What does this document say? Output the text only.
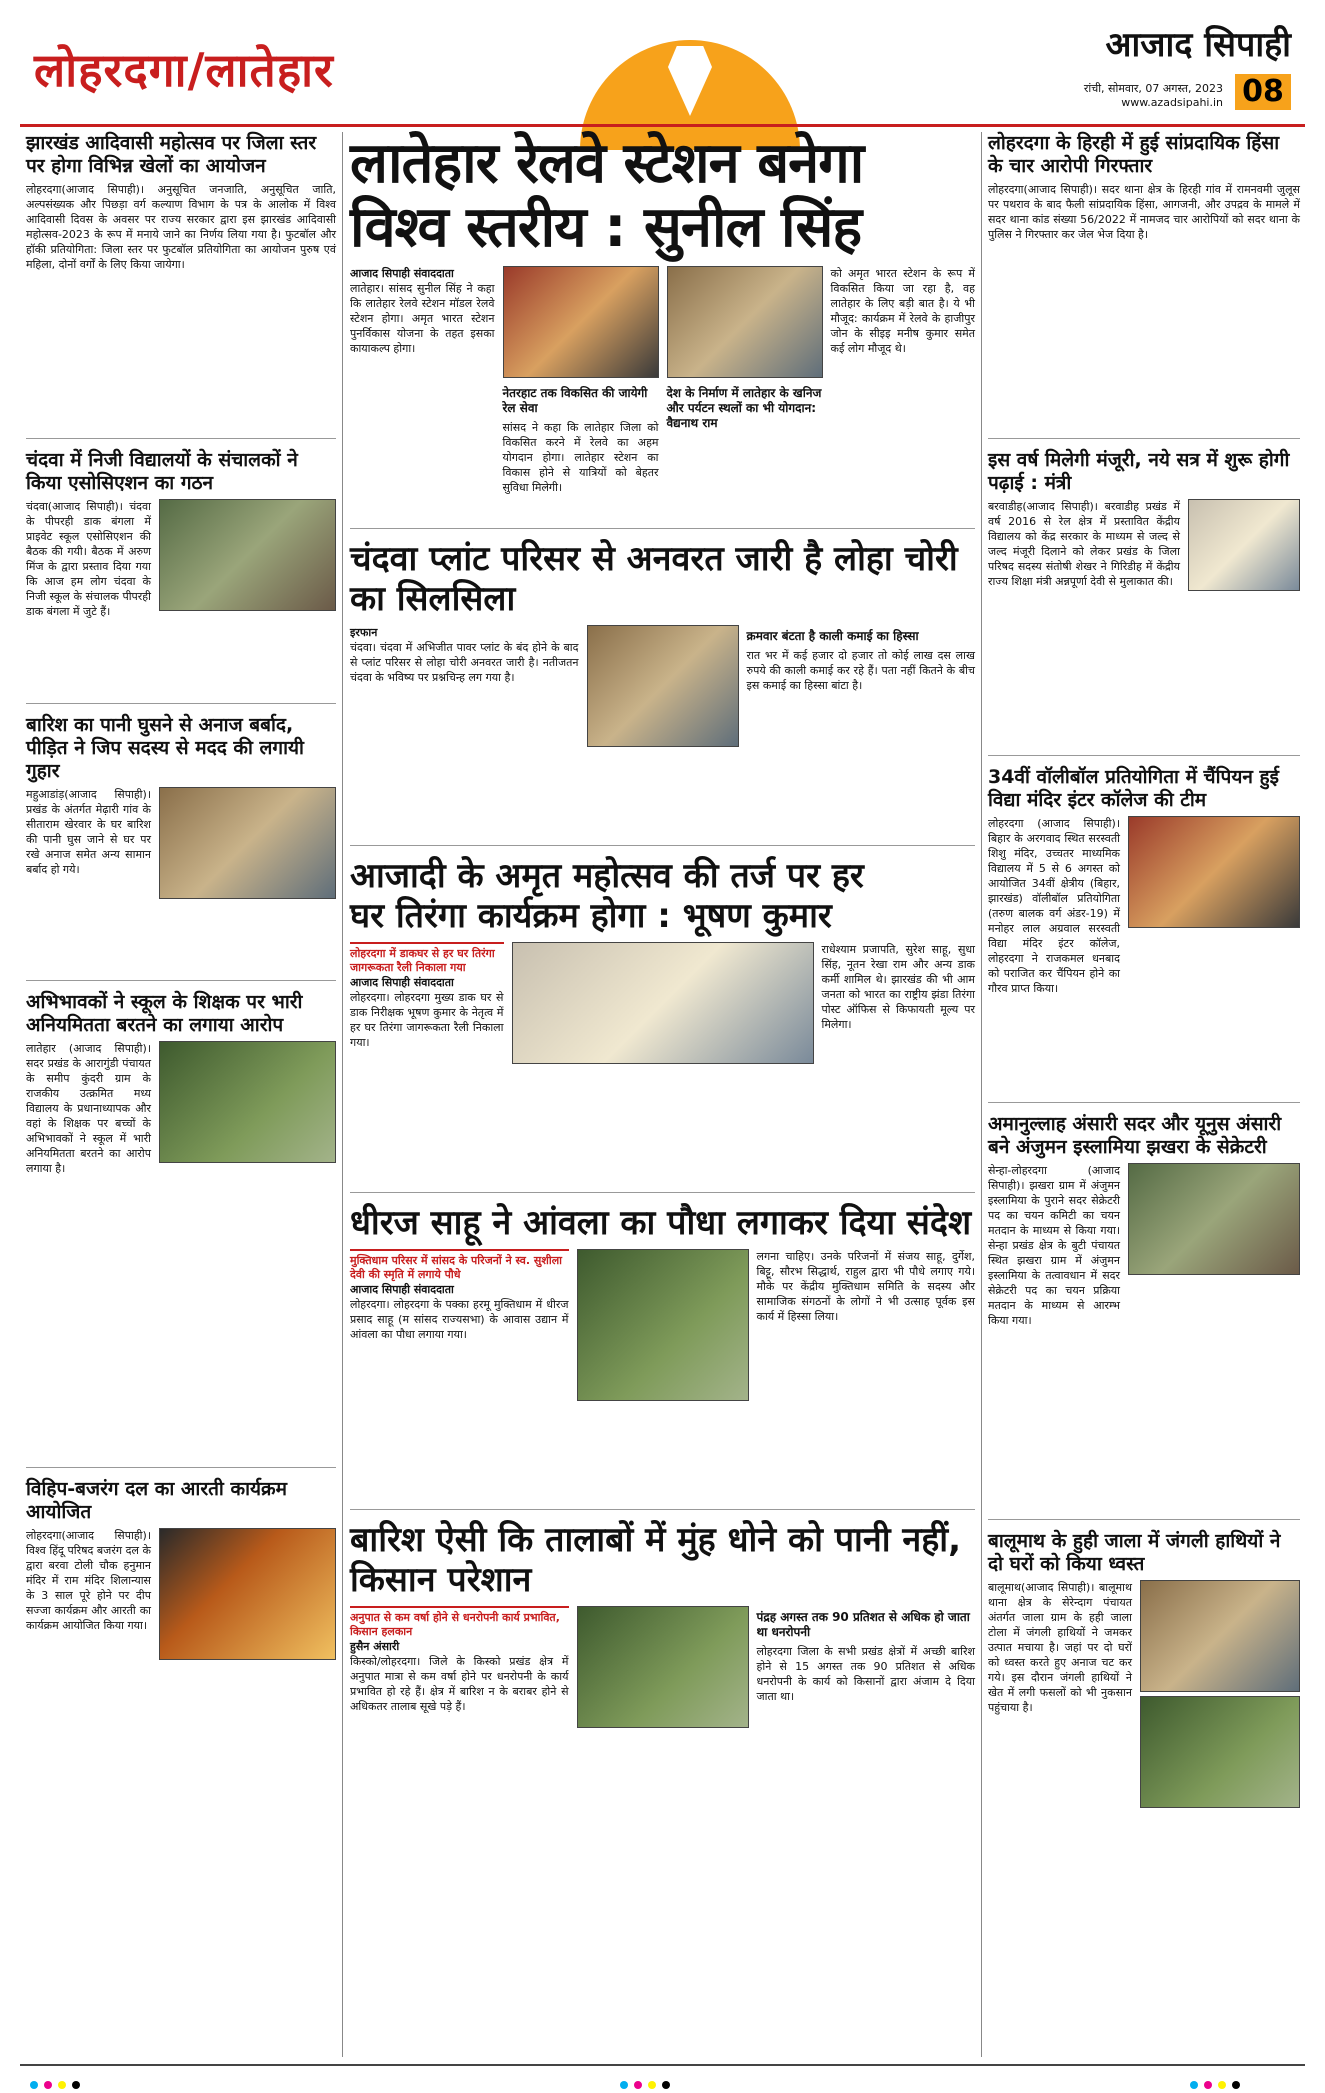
लोहरदगा/लातेहार	आजाद सिपाही
रांची, सोमवार, 07 अगस्त, 2023
www.azadsipahi.in 08
झारखंड आदिवासी महोत्सव पर जिला स्तर पर होगा विभिन्न खेलों का आयोजन

लोहरदगा(आजाद सिपाही)। अनुसूचित जनजाति, अनुसूचित जाति, अल्पसंख्यक और पिछड़ा वर्ग कल्याण विभाग के पत्र के आलोक में विश्व आदिवासी दिवस के अवसर पर राज्य सरकार द्वारा इस झारखंड आदिवासी महोत्सव-2023 के रूप में मनाये जाने का निर्णय लिया गया है। फुटबॉल और हॉकी प्रतियोगिता: जिला स्तर पर फुटबॉल प्रतियोगिता का आयोजन पुरुष एवं महिला, दोनों वर्गों के लिए किया जायेगा।

चंदवा में निजी विद्यालयों के संचालकों ने किया एसोसिएशन का गठन

चंदवा(आजाद सिपाही)। चंदवा के पीपरही डाक बंगला में प्राइवेट स्कूल एसोसिएशन की बैठक की गयी। बैठक में अरुण मिंज के द्वारा प्रस्ताव दिया गया कि आज हम लोग चंदवा के निजी स्कूल के संचालक पीपरही डाक बंगला में जुटे हैं।

बारिश का पानी घुसने से अनाज बर्बाद, पीड़ित ने जिप सदस्य से मदद की लगायी गुहार

महुआडांड़(आजाद सिपाही)। प्रखंड के अंतर्गत मेढ़ारी गांव के सीताराम खेरवार के घर बारिश की पानी घुस जाने से घर पर रखे अनाज समेत अन्य सामान बर्बाद हो गये।

अभिभावकों ने स्कूल के शिक्षक पर भारी अनियमितता बरतने का लगाया आरोप

लातेहार (आजाद सिपाही)। सदर प्रखंड के आरागुंडी पंचायत के समीप कुंदरी ग्राम के राजकीय उत्क्रमित मध्य विद्यालय के प्रधानाध्यापक और वहां के शिक्षक पर बच्चों के अभिभावकों ने स्कूल में भारी अनियमितता बरतने का आरोप लगाया है।

विहिप-बजरंग दल का आरती कार्यक्रम आयोजित

लोहरदगा(आजाद सिपाही)। विश्व हिंदू परिषद बजरंग दल के द्वारा बरवा टोली चौक हनुमान मंदिर में राम मंदिर शिलान्यास के 3 साल पूरे होने पर दीप सज्जा कार्यक्रम और आरती का कार्यक्रम आयोजित किया गया।

लातेहार रेलवे स्टेशन बनेगा
विश्व स्तरीय : सुनील सिंह
आजाद सिपाही संवाददाता

लातेहार। सांसद सुनील सिंह ने कहा कि लातेहार रेलवे स्टेशन मॉडल रेलवे स्टेशन होगा। अमृत भारत स्टेशन पुनर्विकास योजना के तहत इसका कायाकल्प होगा।

नेतरहाट तक विकसित की जायेगी रेल सेवा

सांसद ने कहा कि लातेहार जिला को विकसित करने में रेलवे का अहम योगदान होगा। लातेहार स्टेशन का विकास होने से यात्रियों को बेहतर सुविधा मिलेगी।

देश के निर्माण में लातेहार के खनिज और पर्यटन स्थलों का भी योगदान: वैद्यनाथ राम

को अमृत भारत स्टेशन के रूप में विकसित किया जा रहा है, वह लातेहार के लिए बड़ी बात है। ये भी मौजूद: कार्यक्रम में रेलवे के हाजीपुर जोन के सीइइ मनीष कुमार समेत कई लोग मौजूद थे।

चंदवा प्लांट परिसर से अनवरत जारी है लोहा चोरी का सिलसिला
इरफान

चंदवा। चंदवा में अभिजीत पावर प्लांट के बंद होने के बाद से प्लांट परिसर से लोहा चोरी अनवरत जारी है। नतीजतन चंदवा के भविष्य पर प्रश्नचिन्ह लग गया है।

क्रमवार बंटता है काली कमाई का हिस्सा

रात भर में कई हजार दो हजार तो कोई लाख दस लाख रुपये की काली कमाई कर रहे हैं। पता नहीं कितने के बीच इस कमाई का हिस्सा बांटा है।

आजादी के अमृत महोत्सव की तर्ज पर हर
घर तिरंगा कार्यक्रम होगा : भूषण कुमार
लोहरदगा में डाकघर से हर घर तिरंगा जागरूकता रैली निकाला गया
आजाद सिपाही संवाददाता

लोहरदगा। लोहरदगा मुख्य डाक घर से डाक निरीक्षक भूषण कुमार के नेतृत्व में हर घर तिरंगा जागरूकता रैली निकाला गया।

राधेश्याम प्रजापति, सुरेश साहू, सुधा सिंह, नूतन रेखा राम और अन्य डाक कर्मी शामिल थे। झारखंड की भी आम जनता को भारत का राष्ट्रीय झंडा तिरंगा पोस्ट ऑफिस से किफायती मूल्य पर मिलेगा।

धीरज साहू ने आंवला का पौधा लगाकर दिया संदेश
मुक्तिधाम परिसर में सांसद के परिजनों ने स्व. सुशीला देवी की स्मृति में लगाये पौधे
आजाद सिपाही संवाददाता

लोहरदगा। लोहरदगा के पक्का हरमू मुक्तिधाम में धीरज प्रसाद साहू (म सांसद राज्यसभा) के आवास उद्यान में आंवला का पौधा लगाया गया।

लगना चाहिए। उनके परिजनों में संजय साहू, दुर्गेश, बिट्टू, सौरभ सिद्धार्थ, राहुल द्वारा भी पौधे लगाए गये। मौके पर केंद्रीय मुक्तिधाम समिति के सदस्य और सामाजिक संगठनों के लोगों ने भी उत्साह पूर्वक इस कार्य में हिस्सा लिया।

बारिश ऐसी कि तालाबों में मुंह धोने को पानी नहीं, किसान परेशान
अनुपात से कम वर्षा होने से धनरोपनी कार्य प्रभावित, किसान हलकान
हुसैन अंसारी

किस्को/लोहरदगा। जिले के किस्को प्रखंड क्षेत्र में अनुपात मात्रा से कम वर्षा होने पर धनरोपनी के कार्य प्रभावित हो रहे हैं। क्षेत्र में बारिश न के बराबर होने से अधिकतर तालाब सूखे पड़े हैं।

पंद्रह अगस्त तक 90 प्रतिशत से अधिक हो जाता था धनरोपनी

लोहरदगा जिला के सभी प्रखंड क्षेत्रों में अच्छी बारिश होने से 15 अगस्त तक 90 प्रतिशत से अधिक धनरोपनी के कार्य को किसानों द्वारा अंजाम दे दिया जाता था।

लोहरदगा के हिरही में हुई सांप्रदायिक हिंसा के चार आरोपी गिरफ्तार

लोहरदगा(आजाद सिपाही)। सदर थाना क्षेत्र के हिरही गांव में रामनवमी जुलूस पर पथराव के बाद फैली सांप्रदायिक हिंसा, आगजनी, और उपद्रव के मामले में सदर थाना कांड संख्या 56/2022 में नामजद चार आरोपियों को सदर थाना के पुलिस ने गिरफ्तार कर जेल भेज दिया है।

इस वर्ष मिलेगी मंजूरी, नये सत्र में शुरू होगी पढ़ाई : मंत्री

बरवाडीह(आजाद सिपाही)। बरवाडीह प्रखंड में वर्ष 2016 से रेल क्षेत्र में प्रस्तावित केंद्रीय विद्यालय को केंद्र सरकार के माध्यम से जल्द से जल्द मंजूरी दिलाने को लेकर प्रखंड के जिला परिषद सदस्य संतोषी शेखर ने गिरिडीह में केंद्रीय राज्य शिक्षा मंत्री अन्नपूर्णा देवी से मुलाकात की।

34वीं वॉलीबॉल प्रतियोगिता में चैंपियन हुई विद्या मंदिर इंटर कॉलेज की टीम

लोहरदगा (आजाद सिपाही)। बिहार के अरगवाद स्थित सरस्वती शिशु मंदिर, उच्चतर माध्यमिक विद्यालय में 5 से 6 अगस्त को आयोजित 34वीं क्षेत्रीय (बिहार, झारखंड) वॉलीबॉल प्रतियोगिता (तरुण बालक वर्ग अंडर-19) में मनोहर लाल अग्रवाल सरस्वती विद्या मंदिर इंटर कॉलेज, लोहरदगा ने राजकमल धनबाद को पराजित कर चैंपियन होने का गौरव प्राप्त किया।

अमानुल्लाह अंसारी सदर और यूनुस अंसारी बने अंजुमन इस्लामिया झखरा के सेक्रेटरी

सेन्हा-लोहरदगा (आजाद सिपाही)। झखरा ग्राम में अंजुमन इस्लामिया के पुराने सदर सेक्रेटरी पद का चयन कमिटी का चयन मतदान के माध्यम से किया गया। सेन्हा प्रखंड क्षेत्र के बुटी पंचायत स्थित झखरा ग्राम में अंजुमन इस्लामिया के तत्वावधान में सदर सेक्रेटरी पद का चयन प्रक्रिया मतदान के माध्यम से आरम्भ किया गया।

बालूमाथ के हुही जाला में जंगली हाथियों ने दो घरों को किया ध्वस्त

बालूमाथ(आजाद सिपाही)। बालूमाथ थाना क्षेत्र के सेरेन्दाग पंचायत अंतर्गत जाला ग्राम के हही जाला टोला में जंगली हाथियों ने जमकर उत्पात मचाया है। जहां पर दो घरों को ध्वस्त करते हुए अनाज चट कर गये। इस दौरान जंगली हाथियों ने खेत में लगी फसलों को भी नुकसान पहुंचाया है।
